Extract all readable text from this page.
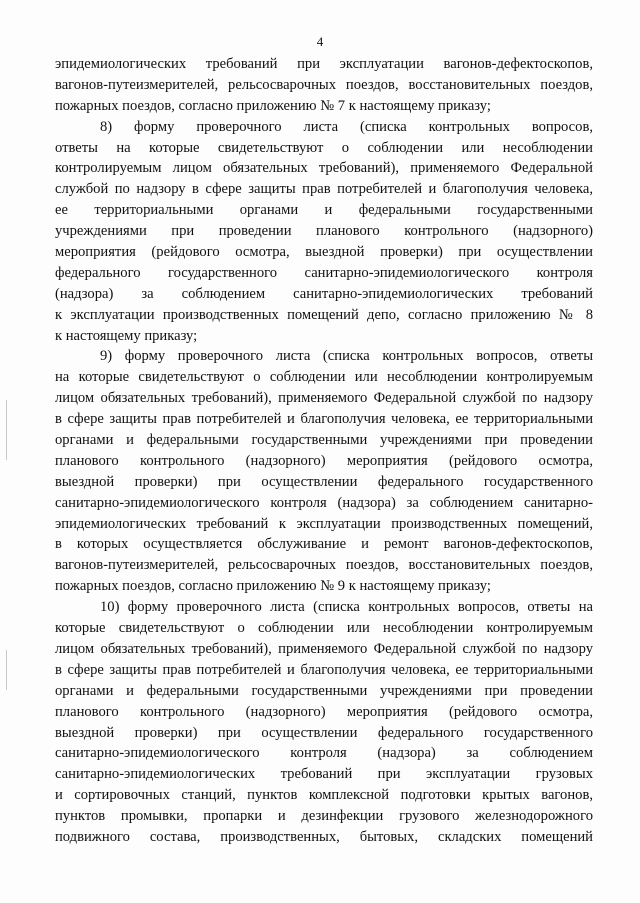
4
эпидемиологических требований при эксплуатации вагонов-дефектоскопов,
вагонов-путеизмерителей, рельсосварочных поездов, восстановительных поездов,
пожарных поездов, согласно приложению № 7 к настоящему приказу;
8) форму проверочного листа (списка контрольных вопросов,
ответы на которые свидетельствуют о соблюдении или несоблюдении
контролируемым лицом обязательных требований), применяемого Федеральной
службой по надзору в сфере защиты прав потребителей и благополучия человека,
ее территориальными органами и федеральными государственными
учреждениями при проведении планового контрольного (надзорного)
мероприятия (рейдового осмотра, выездной проверки) при осуществлении
федерального государственного санитарно-эпидемиологического контроля
(надзора) за соблюдением санитарно-эпидемиологических требований
к эксплуатации производственных помещений депо, согласно приложению № 8
к настоящему приказу;
9) форму проверочного листа (списка контрольных вопросов, ответы
на которые свидетельствуют о соблюдении или несоблюдении контролируемым
лицом обязательных требований), применяемого Федеральной службой по надзору
в сфере защиты прав потребителей и благополучия человека, ее территориальными
органами и федеральными государственными учреждениями при проведении
планового контрольного (надзорного) мероприятия (рейдового осмотра,
выездной проверки) при осуществлении федерального государственного
санитарно-эпидемиологического контроля (надзора) за соблюдением санитарно-
эпидемиологических требований к эксплуатации производственных помещений,
в которых осуществляется обслуживание и ремонт вагонов-дефектоскопов,
вагонов-путеизмерителей, рельсосварочных поездов, восстановительных поездов,
пожарных поездов, согласно приложению № 9 к настоящему приказу;
10) форму проверочного листа (списка контрольных вопросов, ответы на
которые свидетельствуют о соблюдении или несоблюдении контролируемым
лицом обязательных требований), применяемого Федеральной службой по надзору
в сфере защиты прав потребителей и благополучия человека, ее территориальными
органами и федеральными государственными учреждениями при проведении
планового контрольного (надзорного) мероприятия (рейдового осмотра,
выездной проверки) при осуществлении федерального государственного
санитарно-эпидемиологического контроля (надзора) за соблюдением
санитарно-эпидемиологических требований при эксплуатации грузовых
и сортировочных станций, пунктов комплексной подготовки крытых вагонов,
пунктов промывки, пропарки и дезинфекции грузового железнодорожного
подвижного состава, производственных, бытовых, складских помещений
